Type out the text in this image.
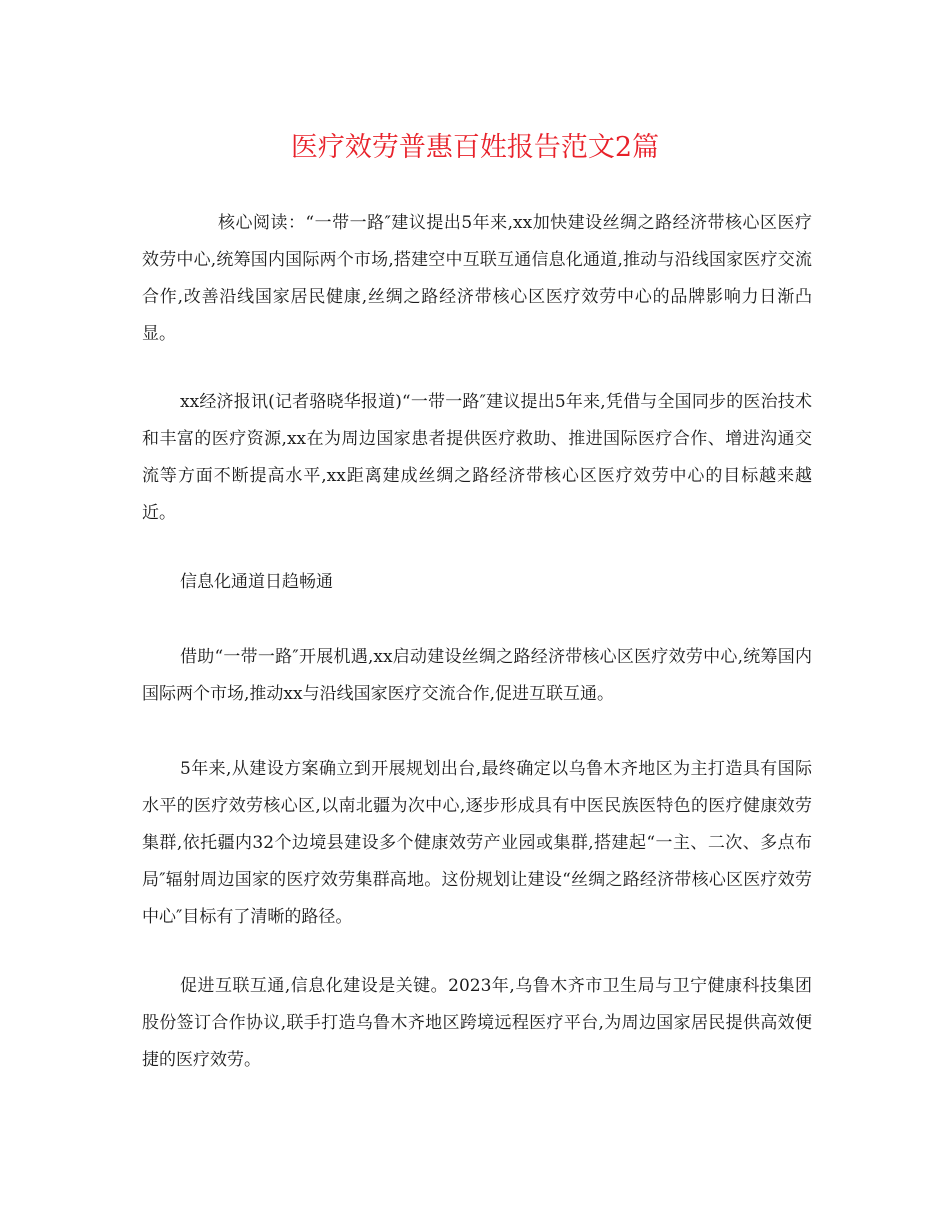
医疗效劳普惠百姓报告范文2篇

核心阅读：“一带一路″建议提出5年来,xx加快建设丝绸之路经济带核心区医疗效劳中心,统筹国内国际两个市场,搭建空中互联互通信息化通道,推动与沿线国家医疗交流合作,改善沿线国家居民健康,丝绸之路经济带核心区医疗效劳中心的品牌影响力日渐凸显。

xx经济报讯(记者骆晓华报道)“一带一路″建议提出5年来,凭借与全国同步的医治技术和丰富的医疗资源,xx在为周边国家患者提供医疗救助、推进国际医疗合作、增进沟通交流等方面不断提高水平,xx距离建成丝绸之路经济带核心区医疗效劳中心的目标越来越近。

信息化通道日趋畅通

借助“一带一路″开展机遇,xx启动建设丝绸之路经济带核心区医疗效劳中心,统筹国内国际两个市场,推动xx与沿线国家医疗交流合作,促进互联互通。

5年来,从建设方案确立到开展规划出台,最终确定以乌鲁木齐地区为主打造具有国际水平的医疗效劳核心区,以南北疆为次中心,逐步形成具有中医民族医特色的医疗健康效劳集群,依托疆内32个边境县建设多个健康效劳产业园或集群,搭建起“一主、二次、多点布局″辐射周边国家的医疗效劳集群高地。这份规划让建设“丝绸之路经济带核心区医疗效劳中心″目标有了清晰的路径。

促进互联互通,信息化建设是关键。2023年,乌鲁木齐市卫生局与卫宁健康科技集团股份签订合作协议,联手打造乌鲁木齐地区跨境远程医疗平台,为周边国家居民提供高效便捷的医疗效劳。
